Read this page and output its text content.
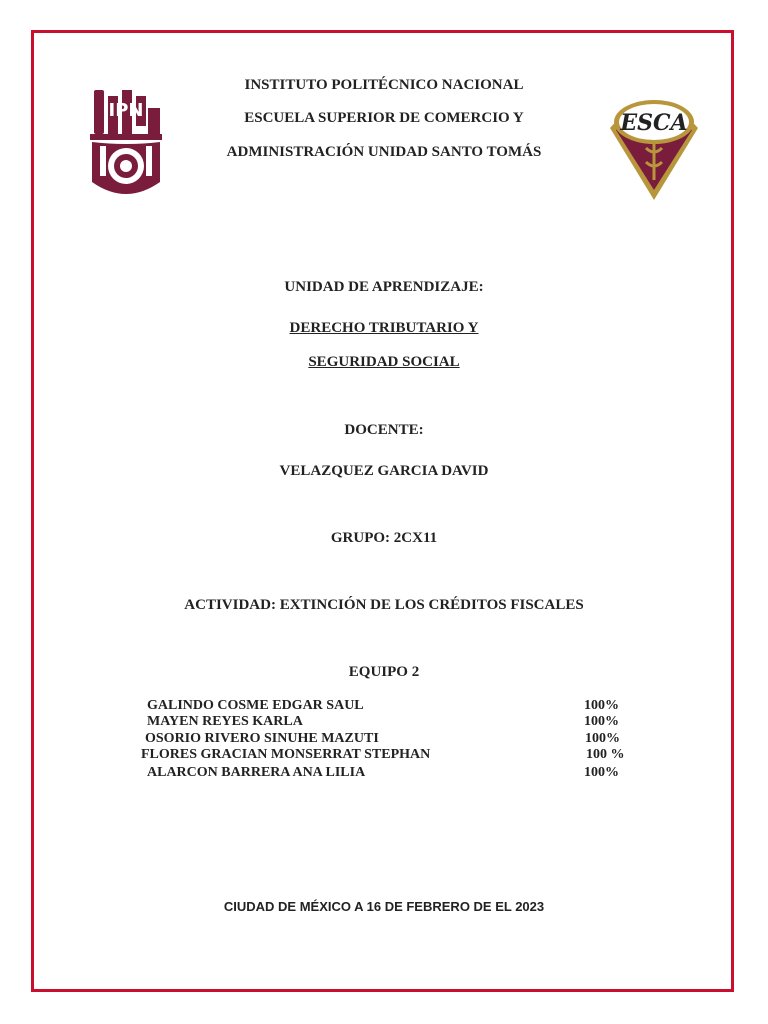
IPN	ESCA
INSTITUTO POLITÉCNICO NACIONAL
ESCUELA SUPERIOR DE COMERCIO Y
ADMINISTRACIÓN UNIDAD SANTO TOMÁS
UNIDAD DE APRENDIZAJE:
DERECHO TRIBUTARIO Y
SEGURIDAD SOCIAL
DOCENTE:
VELAZQUEZ GARCIA DAVID
GRUPO: 2CX11
ACTIVIDAD: EXTINCIÓN DE LOS CRÉDITOS FISCALES
EQUIPO 2
GALINDO COSME EDGAR SAUL	100%
MAYEN REYES KARLA	100%
OSORIO RIVERO SINUHE MAZUTI	100%
FLORES GRACIAN MONSERRAT STEPHAN	100 %
ALARCON BARRERA ANA LILIA	100%
CIUDAD DE MÉXICO A 16 DE FEBRERO DE EL 2023
